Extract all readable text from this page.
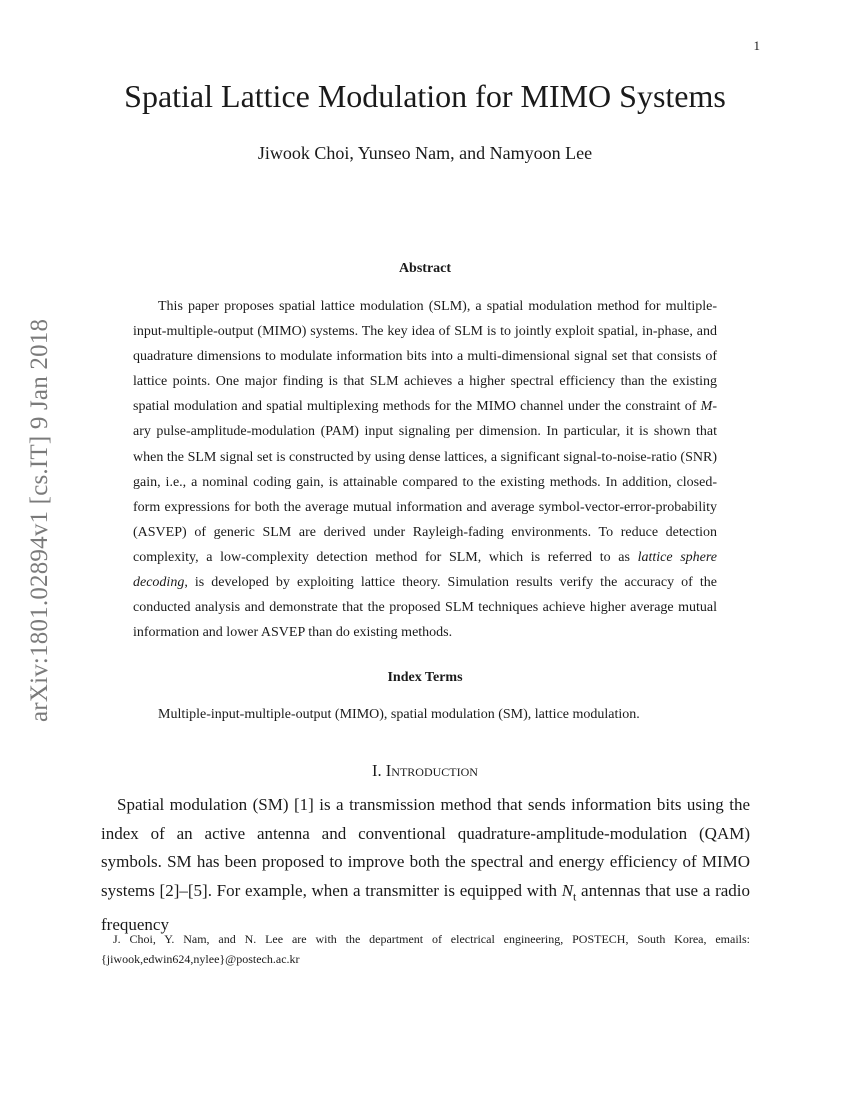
1
arXiv:1801.02894v1 [cs.IT] 9 Jan 2018
Spatial Lattice Modulation for MIMO Systems
Jiwook Choi, Yunseo Nam, and Namyoon Lee
Abstract

This paper proposes spatial lattice modulation (SLM), a spatial modulation method for multiple-input-multiple-output (MIMO) systems. The key idea of SLM is to jointly exploit spatial, in-phase, and quadrature dimensions to modulate information bits into a multi-dimensional signal set that consists of lattice points. One major finding is that SLM achieves a higher spectral efficiency than the existing spatial modulation and spatial multiplexing methods for the MIMO channel under the constraint of M-ary pulse-amplitude-modulation (PAM) input signaling per dimension. In particular, it is shown that when the SLM signal set is constructed by using dense lattices, a significant signal-to-noise-ratio (SNR) gain, i.e., a nominal coding gain, is attainable compared to the existing methods. In addition, closed-form expressions for both the average mutual information and average symbol-vector-error-probability (ASVEP) of generic SLM are derived under Rayleigh-fading environments. To reduce detection complexity, a low-complexity detection method for SLM, which is referred to as lattice sphere decoding, is developed by exploiting lattice theory. Simulation results verify the accuracy of the conducted analysis and demonstrate that the proposed SLM techniques achieve higher average mutual information and lower ASVEP than do existing methods.

Index Terms
Multiple-input-multiple-output (MIMO), spatial modulation (SM), lattice modulation.
I. Introduction

Spatial modulation (SM) [1] is a transmission method that sends information bits using the index of an active antenna and conventional quadrature-amplitude-modulation (QAM) symbols. SM has been proposed to improve both the spectral and energy efficiency of MIMO systems [2]–[5]. For example, when a transmitter is equipped with $N_t$ antennas that use a radio frequency

J. Choi, Y. Nam, and N. Lee are with the department of electrical engineering, POSTECH, South Korea, emails:{jiwook,edwin624,nylee}@postech.ac.kr
